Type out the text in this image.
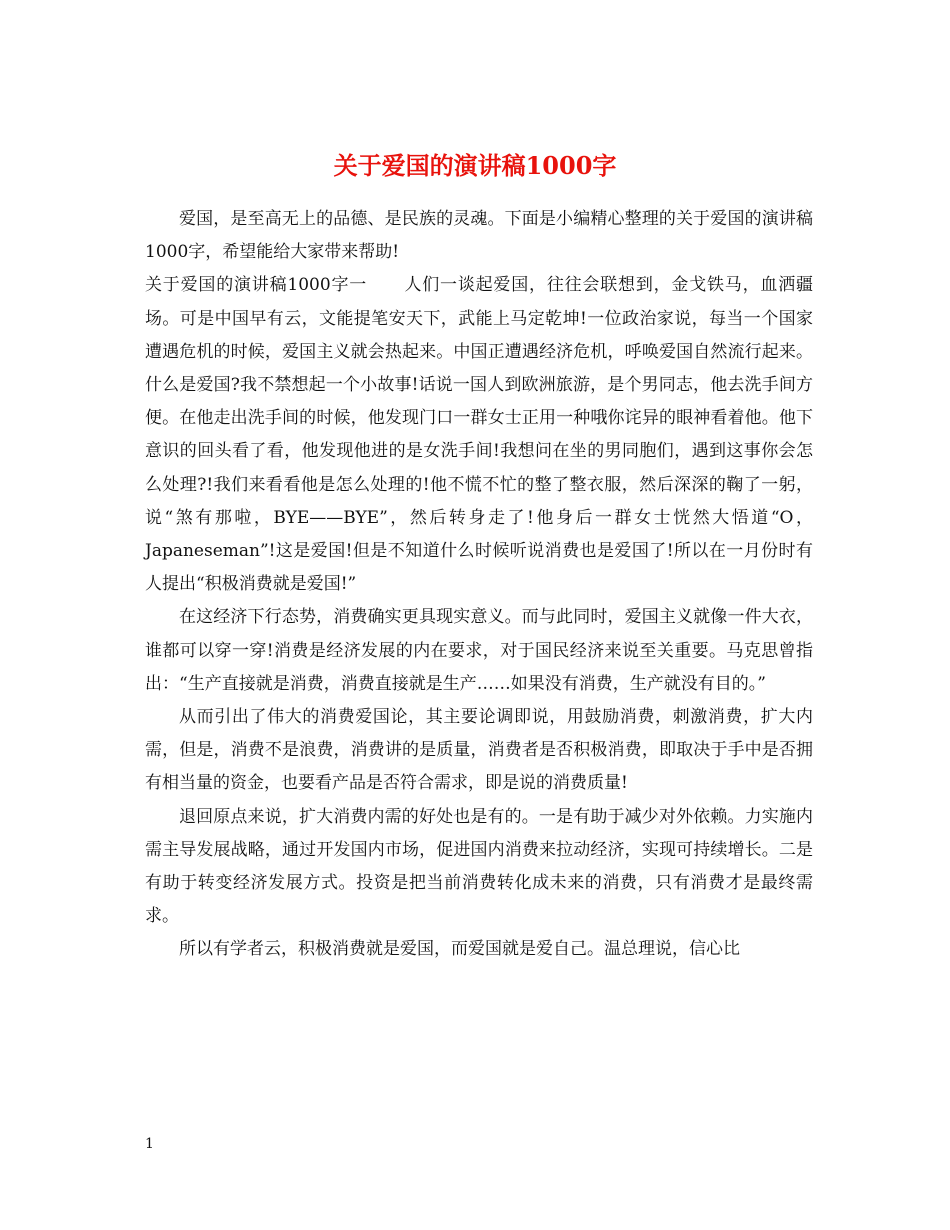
关于爱国的演讲稿1000字

爱国，是至高无上的品德、是民族的灵魂。下面是小编精心整理的关于爱国的演讲稿1000字，希望能给大家带来帮助!

关于爱国的演讲稿1000字一 人们一谈起爱国，往往会联想到，金戈铁马，血洒疆场。可是中国早有云，文能提笔安天下，武能上马定乾坤!一位政治家说，每当一个国家遭遇危机的时候，爱国主义就会热起来。中国正遭遇经济危机，呼唤爱国自然流行起来。什么是爱国?我不禁想起一个小故事!话说一国人到欧洲旅游，是个男同志，他去洗手间方便。在他走出洗手间的时候，他发现门口一群女士正用一种哦你诧异的眼神看着他。他下意识的回头看了看，他发现他进的是女洗手间!我想问在坐的男同胞们，遇到这事你会怎么处理?!我们来看看他是怎么处理的!他不慌不忙的整了整衣服，然后深深的鞠了一躬，说“煞有那啦，BYE——BYE”，然后转身走了!他身后一群女士恍然大悟道“O，Japaneseman”!这是爱国!但是不知道什么时候听说消费也是爱国了!所以在一月份时有人提出“积极消费就是爱国!”

在这经济下行态势，消费确实更具现实意义。而与此同时，爱国主义就像一件大衣，谁都可以穿一穿!消费是经济发展的内在要求，对于国民经济来说至关重要。马克思曾指出：“生产直接就是消费，消费直接就是生产……如果没有消费，生产就没有目的。”

从而引出了伟大的消费爱国论，其主要论调即说，用鼓励消费，刺激消费，扩大内需，但是，消费不是浪费，消费讲的是质量，消费者是否积极消费，即取决于手中是否拥有相当量的资金，也要看产品是否符合需求，即是说的消费质量!

退回原点来说，扩大消费内需的好处也是有的。一是有助于减少对外依赖。力实施内需主导发展战略，通过开发国内市场，促进国内消费来拉动经济，实现可持续增长。二是有助于转变经济发展方式。投资是把当前消费转化成未来的消费，只有消费才是最终需求。

所以有学者云，积极消费就是爱国，而爱国就是爱自己。温总理说，信心比

1
